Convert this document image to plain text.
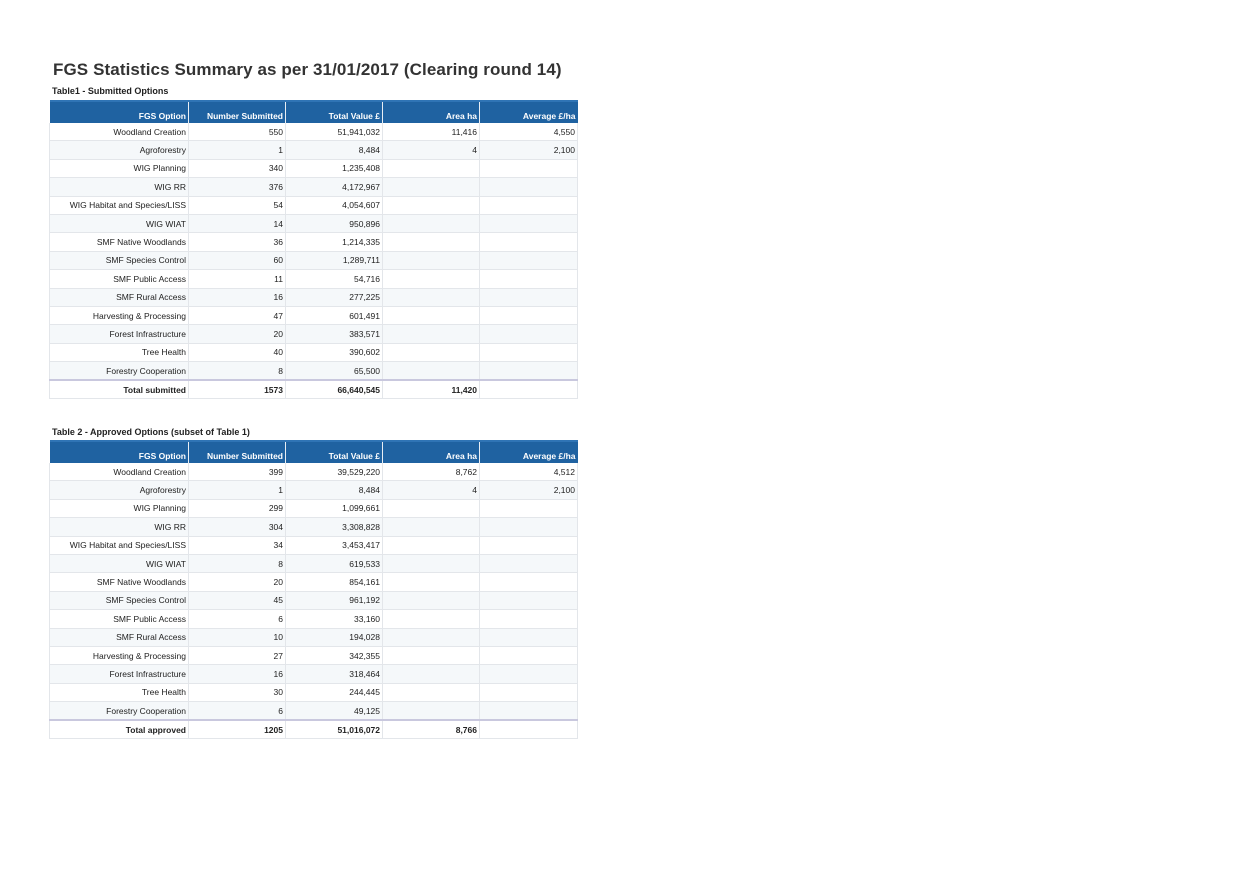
FGS Statistics Summary as per 31/01/2017 (Clearing round 14)
Table1 - Submitted Options
FGS Option	Number Submitted	Total Value £	Area ha	Average £/ha
Woodland Creation	550	51,941,032	11,416	4,550
Agroforestry	1	8,484	4	2,100
WIG Planning	340	1,235,408		
WIG RR	376	4,172,967		
WIG Habitat and Species/LISS	54	4,054,607		
WIG WIAT	14	950,896		
SMF Native Woodlands	36	1,214,335		
SMF Species Control	60	1,289,711		
SMF Public Access	11	54,716		
SMF Rural Access	16	277,225		
Harvesting & Processing	47	601,491		
Forest Infrastructure	20	383,571		
Tree Health	40	390,602		
Forestry Cooperation	8	65,500		
Total submitted	1573	66,640,545	11,420	
Table 2 - Approved Options (subset of Table 1)
FGS Option	Number Submitted	Total Value £	Area ha	Average £/ha
Woodland Creation	399	39,529,220	8,762	4,512
Agroforestry	1	8,484	4	2,100
WIG Planning	299	1,099,661		
WIG RR	304	3,308,828		
WIG Habitat and Species/LISS	34	3,453,417		
WIG WIAT	8	619,533		
SMF Native Woodlands	20	854,161		
SMF Species Control	45	961,192		
SMF Public Access	6	33,160		
SMF Rural Access	10	194,028		
Harvesting & Processing	27	342,355		
Forest Infrastructure	16	318,464		
Tree Health	30	244,445		
Forestry Cooperation	6	49,125		
Total approved	1205	51,016,072	8,766	
